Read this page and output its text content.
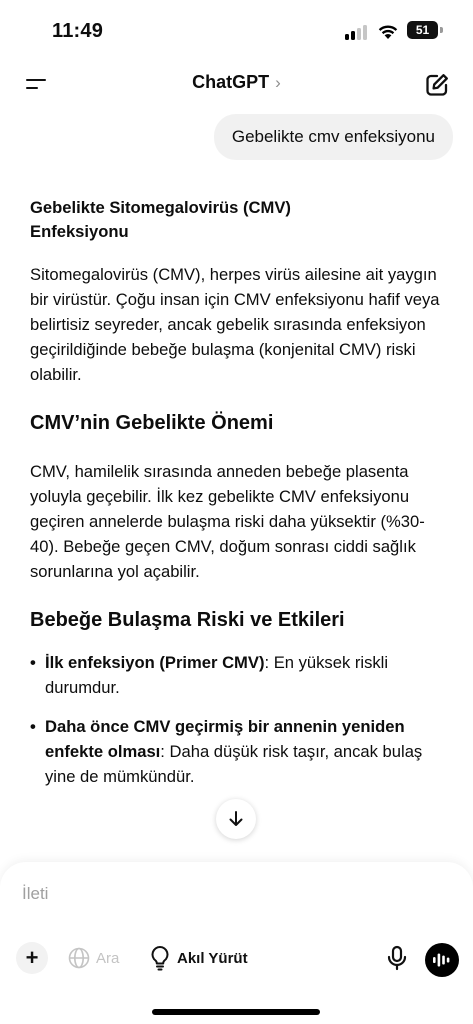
11:49	51
ChatGPT ›
Gebelikte cmv enfeksiyonu

Gebelikte Sitomegalovirüs (CMV)
Enfeksiyonu

Sitomegalovirüs (CMV), herpes virüs ailesine ait yaygın bir virüstür. Çoğu insan için CMV enfeksiyonu hafif veya belirtisiz seyreder, ancak gebelik sırasında enfeksiyon geçirildiğinde bebeğe bulaşma (konjenital CMV) riski olabilir.

CMV’nin Gebelikte Önemi

CMV, hamilelik sırasında anneden bebeğe plasenta yoluyla geçebilir. İlk kez gebelikte CMV enfeksiyonu geçiren annelerde bulaşma riski daha yüksektir (%30-40). Bebeğe geçen CMV, doğum sonrası ciddi sağlık sorunlarına yol açabilir.

Bebeğe Bulaşma Riski ve Etkileri

• İlk enfeksiyon (Primer CMV): En yüksek riskli durumdur.
• Daha önce CMV geçirmiş bir annenin yeniden enfekte olması: Daha düşük risk taşır, ancak bulaş yine de mümkündür.
İleti
+	Ara	Akıl Yürüt
